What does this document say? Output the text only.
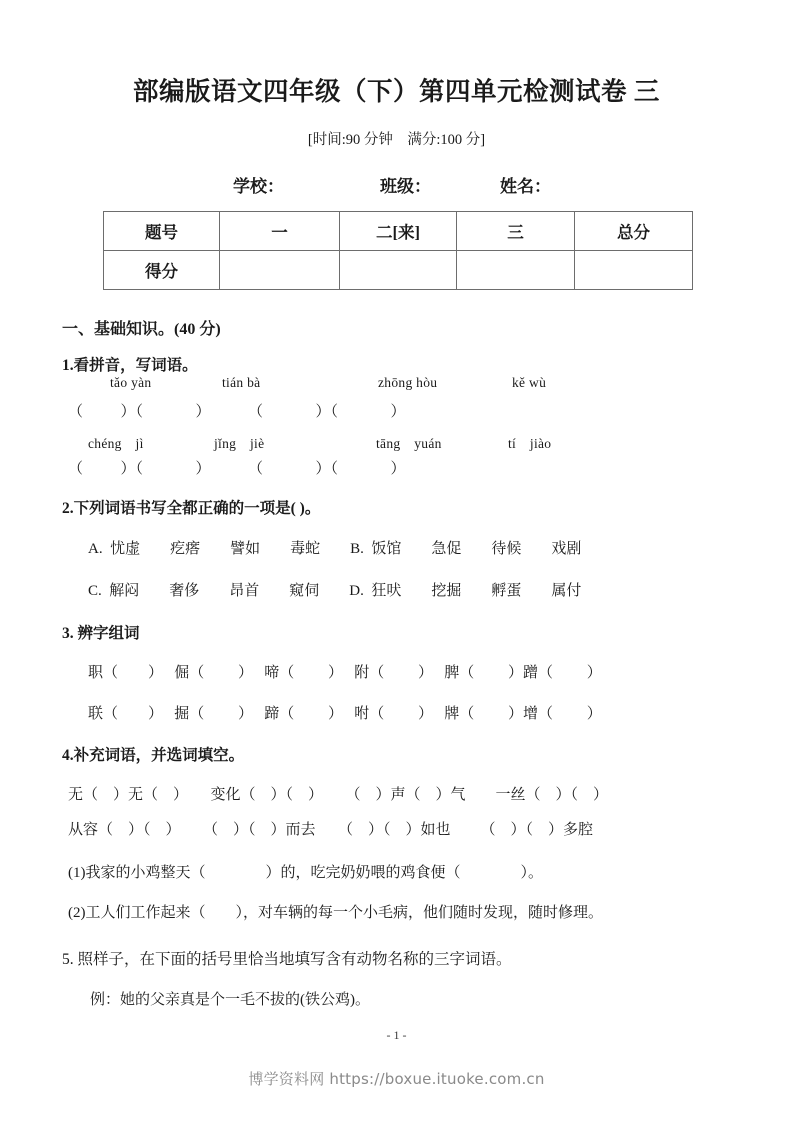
部编版语文四年级（下）第四单元检测试卷 三
[时间:90 分钟　满分:100 分]
学校：	班级：	姓名：
题号	一	二[来]	三	总分
得分				
一、基础知识。(40 分)
1.看拼音，写词语。
tǎo yàn	tián bà	zhōng hòu	kě wù
（          ）（              ）          （              ）（              ）
chéng　jì	jǐng　jiè	tāng　yuán	tí　jiào
（          ）（              ）          （              ）（              ）
2.下列词语书写全都正确的一项是( )。
A.  忧虚        疙瘩        譬如        毒蛇        B.  饭馆        急促        待候        戏剧
C.  解闷        奢侈        昂首        窥伺        D.  狂吠        挖掘        孵蛋        属付
3. 辨字组词
职（        ）   倔（         ）   啼（         ）   附（         ）   脾（         ）蹭（         ）
联（        ）   掘（         ）   蹄（         ）   咐（         ）   牌（         ）增（         ）
4.补充词语，并选词填空。
无（    ）无（    ）      变化（    ）（    ）      （    ）声（    ）气        一丝（    ）（    ）
从容（    ）（    ）      （    ）（    ）而去      （    ）（    ）如也        （    ）（    ）多腔
(1)我家的小鸡整天（                ）的，吃完奶奶喂的鸡食便（                ）。
(2)工人们工作起来（        ），对车辆的每一个小毛病，他们随时发现，随时修理。
5. 照样子，在下面的括号里恰当地填写含有动物名称的三字词语。
例：她的父亲真是个一毛不拔的(铁公鸡)。
- 1 -
博学资料网 https://boxue.ituoke.com.cn
